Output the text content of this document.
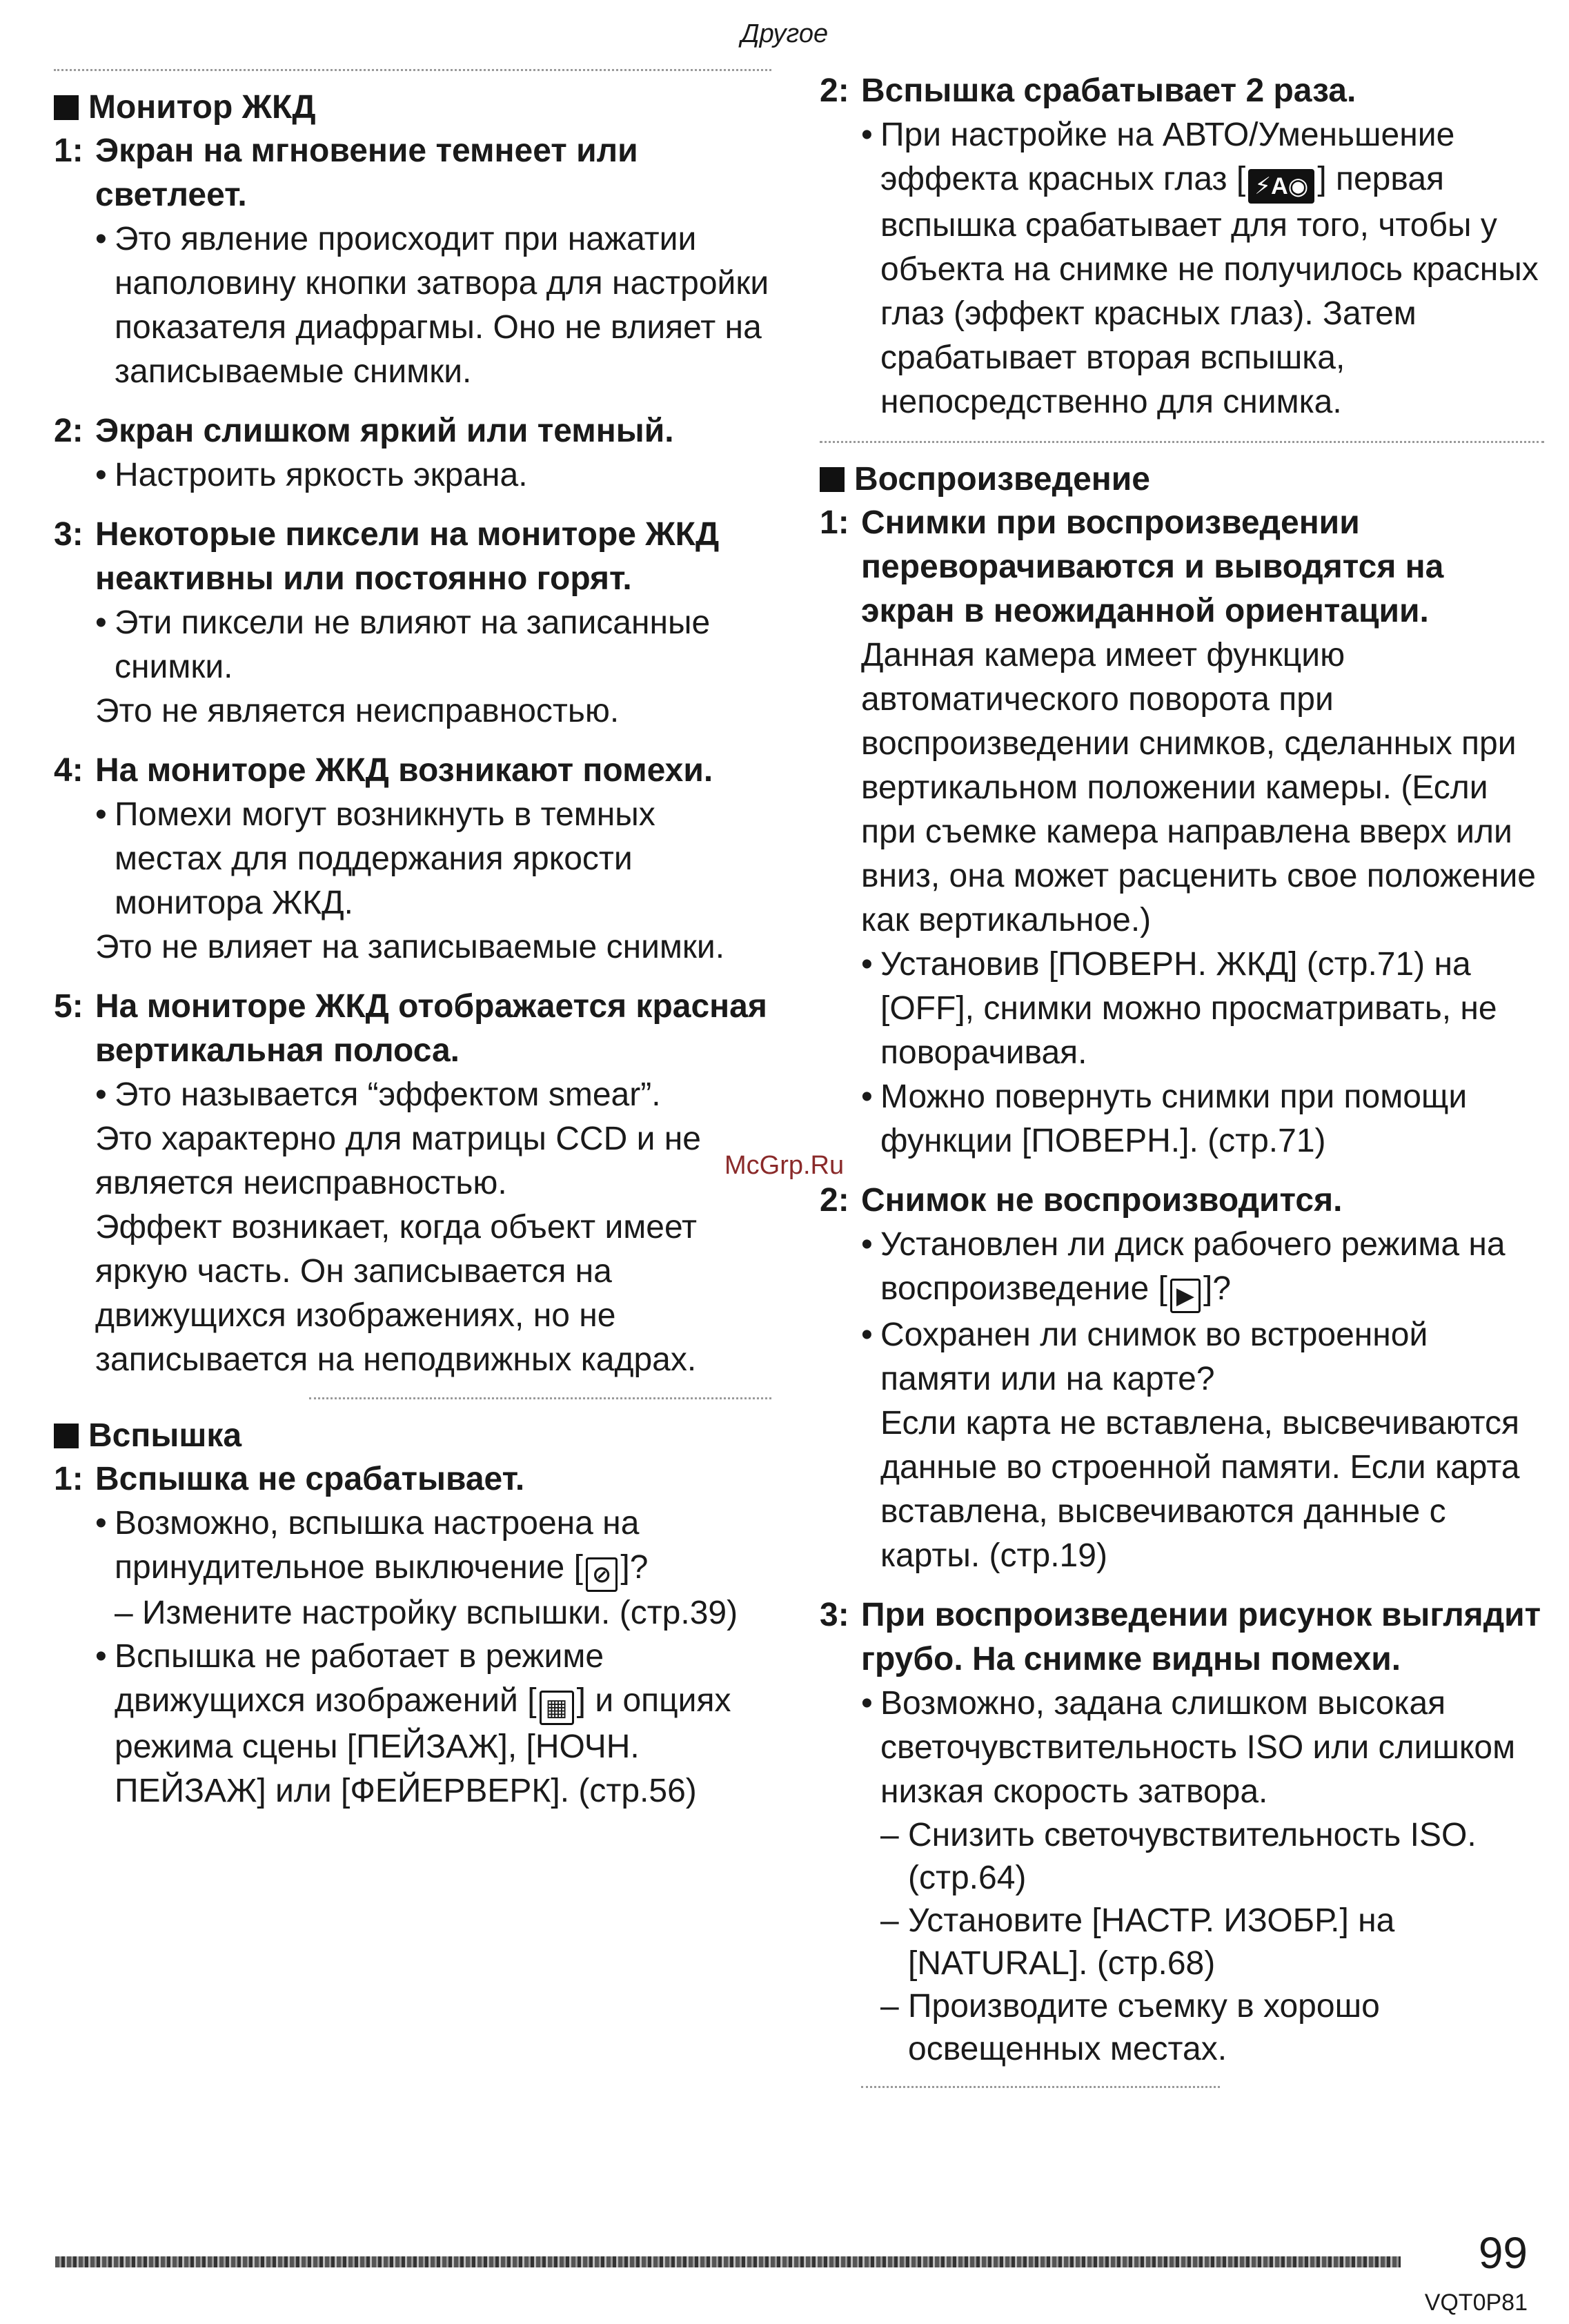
Другое
Монитор ЖКД
1: Экран на мгновение темнеет или светлеет.
• Это явление происходит при нажатии наполовину кнопки затвора для настройки показателя диафрагмы. Оно не влияет на записываемые снимки.
2: Экран слишком яркий или темный.
• Настроить яркость экрана.
3: Некоторые пиксели на мониторе ЖКД неактивны или постоянно горят.
• Эти пиксели не влияют на записанные снимки.
Это не является неисправностью.
4: На мониторе ЖКД возникают помехи.
• Помехи могут возникнуть в темных местах для поддержания яркости монитора ЖКД.
Это не влияет на записываемые снимки.
5: На мониторе ЖКД отображается красная вертикальная полоса.
• Это называется “эффектом smear”.
Это характерно для матрицы CCD и не является неисправностью.
Эффект возникает, когда объект имеет яркую часть. Он записывается на движущихся изображениях, но не записывается на неподвижных кадрах.
Вспышка
1: Вспышка не срабатывает.
• Возможно, вспышка настроена на принудительное выключение [ ⊘ ]?
– Измените настройку вспышки. (стр.39)
• Вспышка не работает в режиме движущихся изображений [ ▦ ] и опциях режима сцены [ПЕЙЗАЖ], [НОЧН. ПЕЙЗАЖ] или [ФЕЙЕРВЕРК]. (стр.56)
2: Вспышка срабатывает 2 раза.
• При настройке на АВТО/Уменьшение эффекта красных глаз [ ⚡A◉ ] первая вспышка срабатывает для того, чтобы у объекта на снимке не получилось красных глаз (эффект красных глаз). Затем срабатывает вторая вспышка, непосредственно для снимка.
Воспроизведение
1: Снимки при воспроизведении переворачиваются и выводятся на экран в неожиданной ориентации.
Данная камера имеет функцию автоматического поворота при воспроизведении снимков, сделанных при вертикальном положении камеры. (Если при съемке камера направлена вверх или вниз, она может расценить свое положение как вертикальное.)
• Установив [ПОВЕРН. ЖКД] (стр.71) на [OFF], снимки можно просматривать, не поворачивая.
• Можно повернуть снимки при помощи функции [ПОВЕРН.]. (стр.71)
2: Снимок не воспроизводится.
• Установлен ли диск рабочего режима на воспроизведение [ ▶ ]?
• Сохранен ли снимок во встроенной памяти или на карте?
Если карта не вставлена, высвечиваются данные во строенной памяти. Если карта вставлена, высвечиваются данные с карты. (стр.19)
3: При воспроизведении рисунок выглядит грубо. На снимке видны помехи.
• Возможно, задана слишком высокая светочувствительность ISO или слишком низкая скорость затвора.
– Снизить светочувствительность ISO. (стр.64)
– Установите [НАСТР. ИЗОБР.] на [NATURAL]. (стр.68)
– Производите съемку в хорошо освещенных местах.
McGrp.Ru
99
VQT0P81
